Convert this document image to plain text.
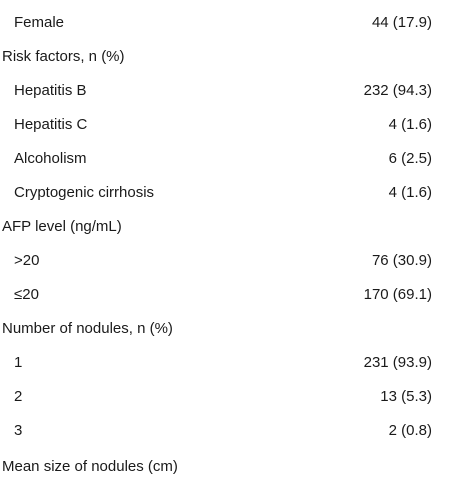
Female	44 (17.9)
Risk factors, n (%)
Hepatitis B	232 (94.3)
Hepatitis C	4 (1.6)
Alcoholism	6 (2.5)
Cryptogenic cirrhosis	4 (1.6)
AFP level (ng/mL)
>20	76 (30.9)
≤20	170 (69.1)
Number of nodules, n (%)
1	231 (93.9)
2	13 (5.3)
3	2 (0.8)
Mean size of nodules (cm)
